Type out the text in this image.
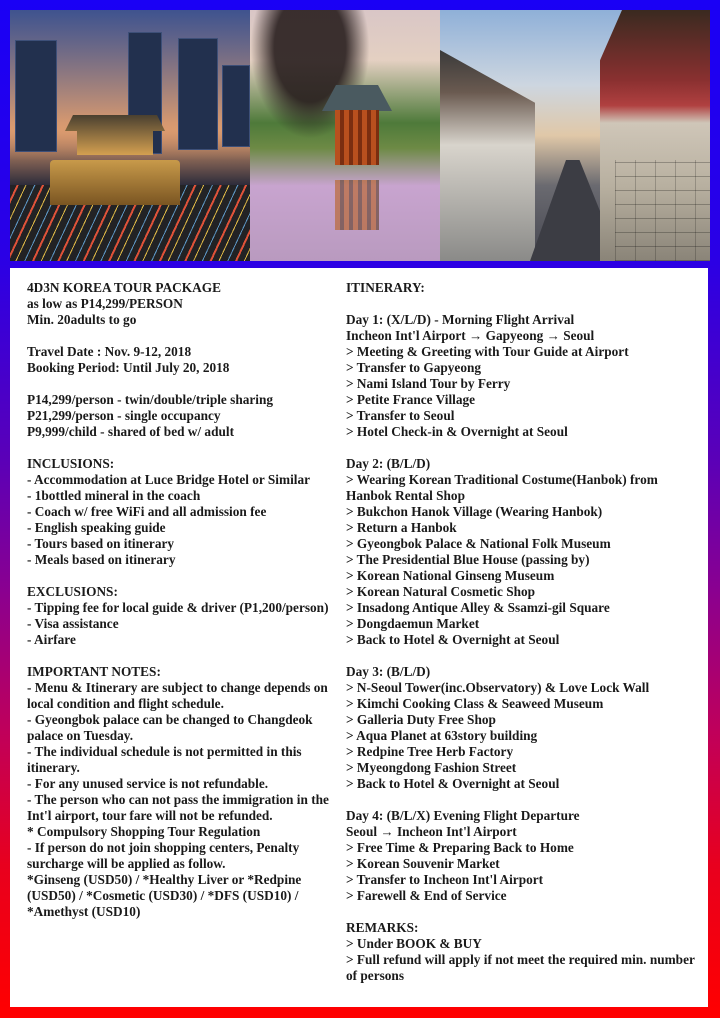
4D3N KOREA TOUR PACKAGE
as low as P14,299/PERSON
Min. 20adults to go
Travel Date : Nov. 9-12, 2018
Booking Period: Until July 20, 2018
P14,299/person - twin/double/triple sharing
P21,299/person - single occupancy
P9,999/child - shared of bed w/ adult
INCLUSIONS:
- Accommodation at Luce Bridge Hotel or Similar
- 1bottled mineral in the coach
- Coach w/ free WiFi and all admission fee
- English speaking guide
- Tours based on itinerary
- Meals based on itinerary
EXCLUSIONS:
- Tipping fee for local guide & driver (P1,200/person)
- Visa assistance
- Airfare
IMPORTANT NOTES:
- Menu & Itinerary are subject to change depends on
local condition and flight schedule.
- Gyeongbok palace can be changed to Changdeok
palace on Tuesday.
- The individual schedule is not permitted in this
itinerary.
- For any unused service is not refundable.
- The person who can not pass the immigration in the
Int'l airport, tour fare will not be refunded.
* Compulsory Shopping Tour Regulation
- If person do not join shopping centers, Penalty
surcharge will be applied as follow.
*Ginseng (USD50) / *Healthy Liver or *Redpine
(USD50) / *Cosmetic (USD30) / *DFS (USD10) /
*Amethyst (USD10)
ITINERARY:
Day 1: (X/L/D) - Morning Flight Arrival
Incheon Int'l Airport → Gapyeong → Seoul
> Meeting & Greeting with Tour Guide at Airport
> Transfer to Gapyeong
> Nami Island Tour by Ferry
> Petite France Village
> Transfer to Seoul
> Hotel Check-in & Overnight at Seoul
Day 2: (B/L/D)
> Wearing Korean Traditional Costume(Hanbok) from
Hanbok Rental Shop
> Bukchon Hanok Village (Wearing Hanbok)
> Return a Hanbok
> Gyeongbok Palace & National Folk Museum
> The Presidential Blue House (passing by)
> Korean National Ginseng Museum
> Korean Natural Cosmetic Shop
> Insadong Antique Alley & Ssamzi-gil Square
> Dongdaemun Market
> Back to Hotel & Overnight at Seoul
Day 3: (B/L/D)
> N-Seoul Tower(inc.Observatory) & Love Lock Wall
> Kimchi Cooking Class & Seaweed Museum
> Galleria Duty Free Shop
> Aqua Planet at 63story building
> Redpine Tree Herb Factory
> Myeongdong Fashion Street
> Back to Hotel & Overnight at Seoul
Day 4: (B/L/X) Evening Flight Departure
Seoul → Incheon Int'l Airport
> Free Time & Preparing Back to Home
> Korean Souvenir Market
> Transfer to Incheon Int'l Airport
> Farewell & End of Service
REMARKS:
> Under BOOK & BUY
> Full refund will apply if not meet the required min. number
of persons
